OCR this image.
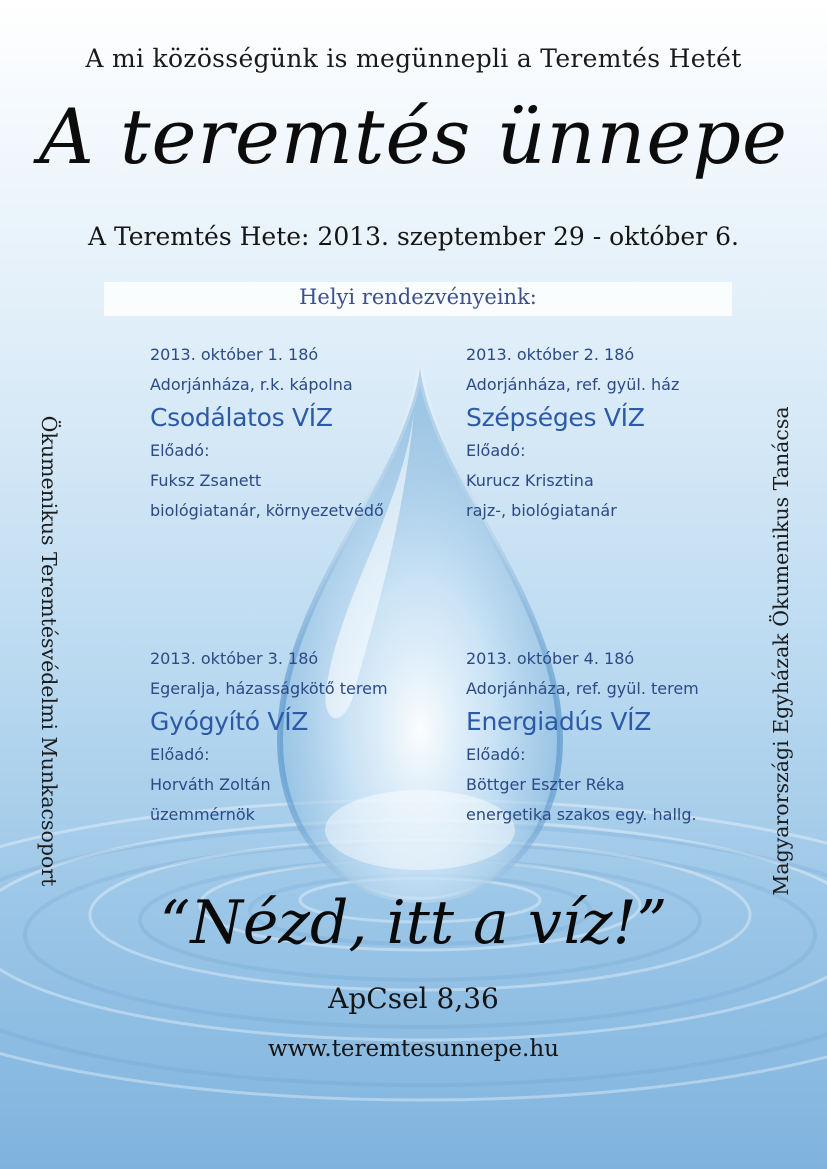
A mi közösségünk is megünnepli a Teremtés Hetét
A teremtés ünnepe
A Teremtés Hete: 2013. szeptember 29 - október 6.
Helyi rendezvényeink:
2013. október 1. 18ó
Adorjánháza, r.k. kápolna
Csodálatos VÍZ
Előadó:
Fuksz Zsanett
biológiatanár, környezetvédő
2013. október 2. 18ó
Adorjánháza, ref. gyül. ház
Szépséges VÍZ
Előadó:
Kurucz Krisztina
rajz-, biológiatanár
2013. október 3. 18ó
Egeralja, házasságkötő terem
Gyógyító VÍZ
Előadó:
Horváth Zoltán
üzemmérnök
2013. október 4. 18ó
Adorjánháza, ref. gyül. terem
Energiadús VÍZ
Előadó:
Böttger Eszter Réka
energetika szakos egy. hallg.
Ökumenikus Teremtésvédelmi Munkacsoport	Magyarországi Egyházak Ökumenikus Tanácsa
“Nézd, itt a víz!”
ApCsel 8,36
www.teremtesunnepe.hu
